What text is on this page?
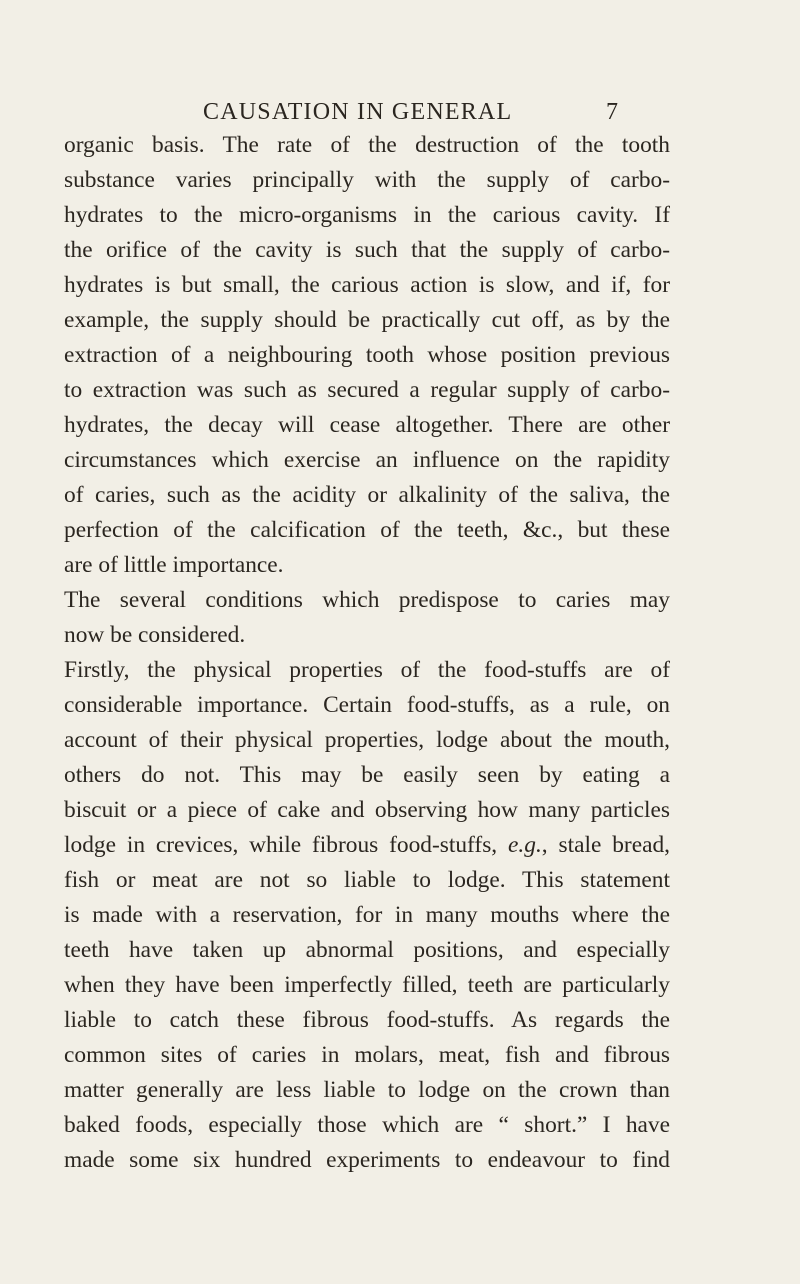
CAUSATION IN GENERAL	7
organic basis. The rate of the destruction of the tooth
substance varies principally with the supply of carbo-
hydrates to the micro-organisms in the carious cavity. If
the orifice of the cavity is such that the supply of carbo-
hydrates is but small, the carious action is slow, and if, for
example, the supply should be practically cut off, as by the
extraction of a neighbouring tooth whose position previous
to extraction was such as secured a regular supply of carbo-
hydrates, the decay will cease altogether. There are other
circumstances which exercise an influence on the rapidity
of caries, such as the acidity or alkalinity of the saliva, the
perfection of the calcification of the teeth, &c., but these
are of little importance.
The several conditions which predispose to caries may
now be considered.
Firstly, the physical properties of the food-stuffs are of
considerable importance. Certain food-stuffs, as a rule, on
account of their physical properties, lodge about the mouth,
others do not. This may be easily seen by eating a
biscuit or a piece of cake and observing how many particles
lodge in crevices, while fibrous food-stuffs, e.g., stale bread,
fish or meat are not so liable to lodge. This statement
is made with a reservation, for in many mouths where the
teeth have taken up abnormal positions, and especially
when they have been imperfectly filled, teeth are particularly
liable to catch these fibrous food-stuffs. As regards the
common sites of caries in molars, meat, fish and fibrous
matter generally are less liable to lodge on the crown than
baked foods, especially those which are “ short.” I have
made some six hundred experiments to endeavour to find
